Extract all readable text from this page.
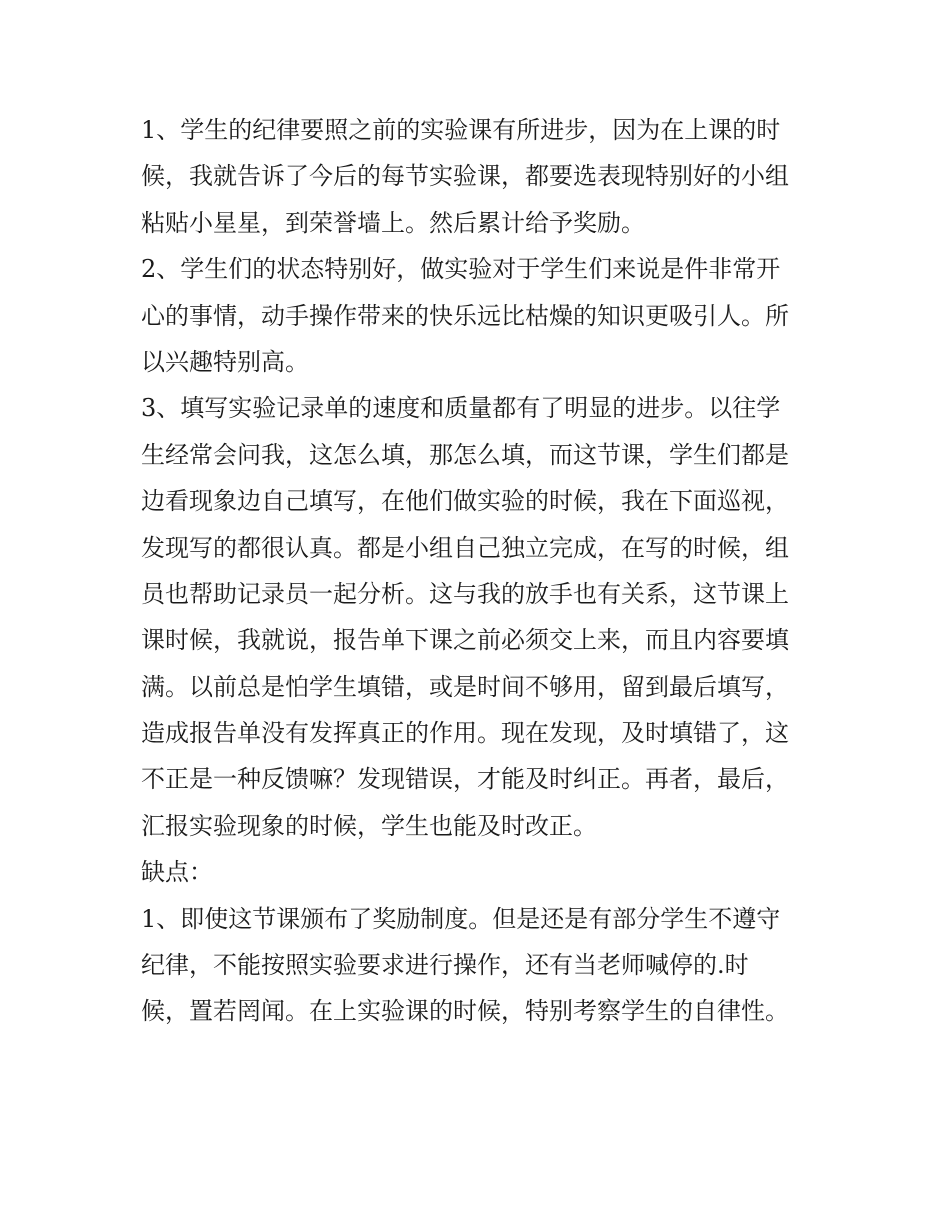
1、学生的纪律要照之前的实验课有所进步，因为在上课的时
候，我就告诉了今后的每节实验课，都要选表现特别好的小组
粘贴小星星，到荣誉墙上。然后累计给予奖励。
2、学生们的状态特别好，做实验对于学生们来说是件非常开
心的事情，动手操作带来的快乐远比枯燥的知识更吸引人。所
以兴趣特别高。
3、填写实验记录单的速度和质量都有了明显的进步。以往学
生经常会问我，这怎么填，那怎么填，而这节课，学生们都是
边看现象边自己填写，在他们做实验的时候，我在下面巡视，
发现写的都很认真。都是小组自己独立完成，在写的时候，组
员也帮助记录员一起分析。这与我的放手也有关系，这节课上
课时候，我就说，报告单下课之前必须交上来，而且内容要填
满。以前总是怕学生填错，或是时间不够用，留到最后填写，
造成报告单没有发挥真正的作用。现在发现，及时填错了，这
不正是一种反馈嘛？发现错误，才能及时纠正。再者，最后，
汇报实验现象的时候，学生也能及时改正。
缺点：
1、即使这节课颁布了奖励制度。但是还是有部分学生不遵守
纪律，不能按照实验要求进行操作，还有当老师喊停的.时
候，置若罔闻。在上实验课的时候，特别考察学生的自律性。
